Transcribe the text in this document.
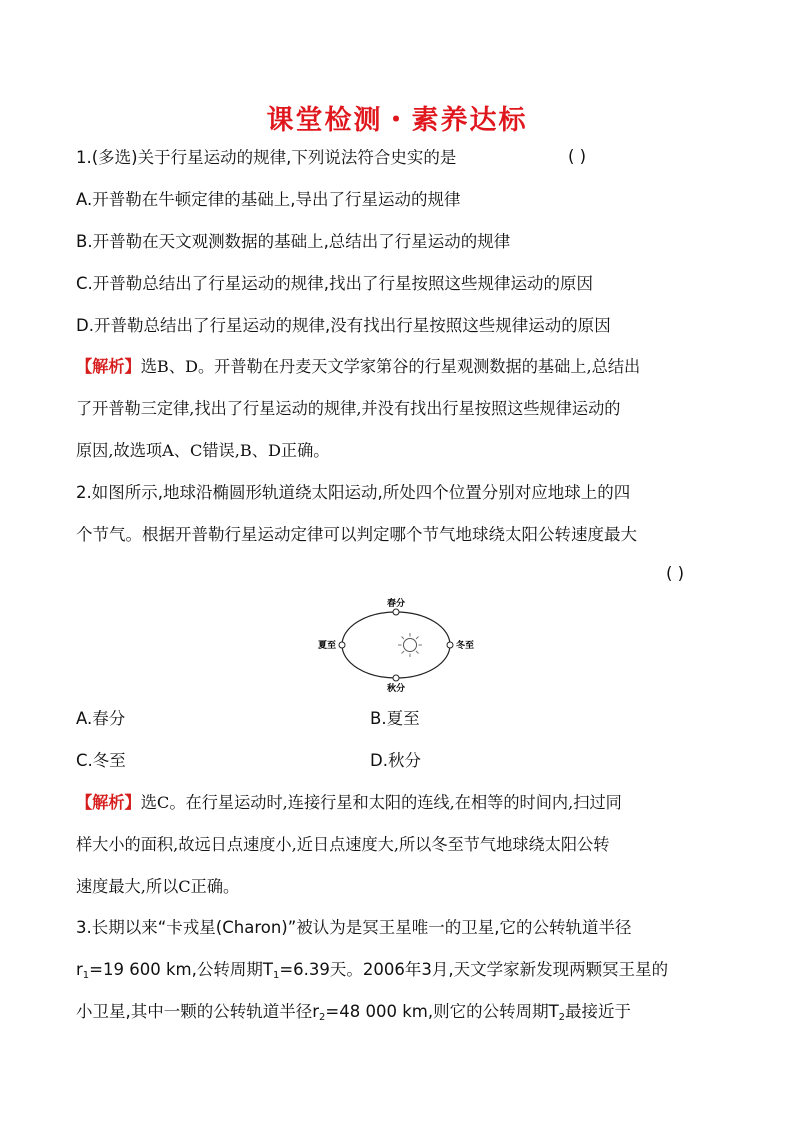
课堂检测・素养达标
1.(多选)关于行星运动的规律,下列说法符合史实的是	( )
A.开普勒在牛顿定律的基础上,导出了行星运动的规律
B.开普勒在天文观测数据的基础上,总结出了行星运动的规律
C.开普勒总结出了行星运动的规律,找出了行星按照这些规律运动的原因
D.开普勒总结出了行星运动的规律,没有找出行星按照这些规律运动的原因
【解析】选B、D。开普勒在丹麦天文学家第谷的行星观测数据的基础上,总结出
了开普勒三定律,找出了行星运动的规律,并没有找出行星按照这些规律运动的
原因,故选项A、C错误,B、D正确。
2.如图所示,地球沿椭圆形轨道绕太阳运动,所处四个位置分别对应地球上的四
个节气。根据开普勒行星运动定律可以判定哪个节气地球绕太阳公转速度最大
( )
春分
夏至	冬至
秋分
A.春分	B.夏至
C.冬至	D.秋分
【解析】选C。在行星运动时,连接行星和太阳的连线,在相等的时间内,扫过同
样大小的面积,故远日点速度小,近日点速度大,所以冬至节气地球绕太阳公转
速度最大,所以C正确。
3.长期以来“卡戎星(Charon)”被认为是冥王星唯一的卫星,它的公转轨道半径
$r_1=19$ 600 km,公转周期$T_1=6.39$天。2006年3月,天文学家新发现两颗冥王星的
小卫星,其中一颗的公转轨道半径$r_2=48$ 000 km,则它的公转周期$T_2$最接近于
